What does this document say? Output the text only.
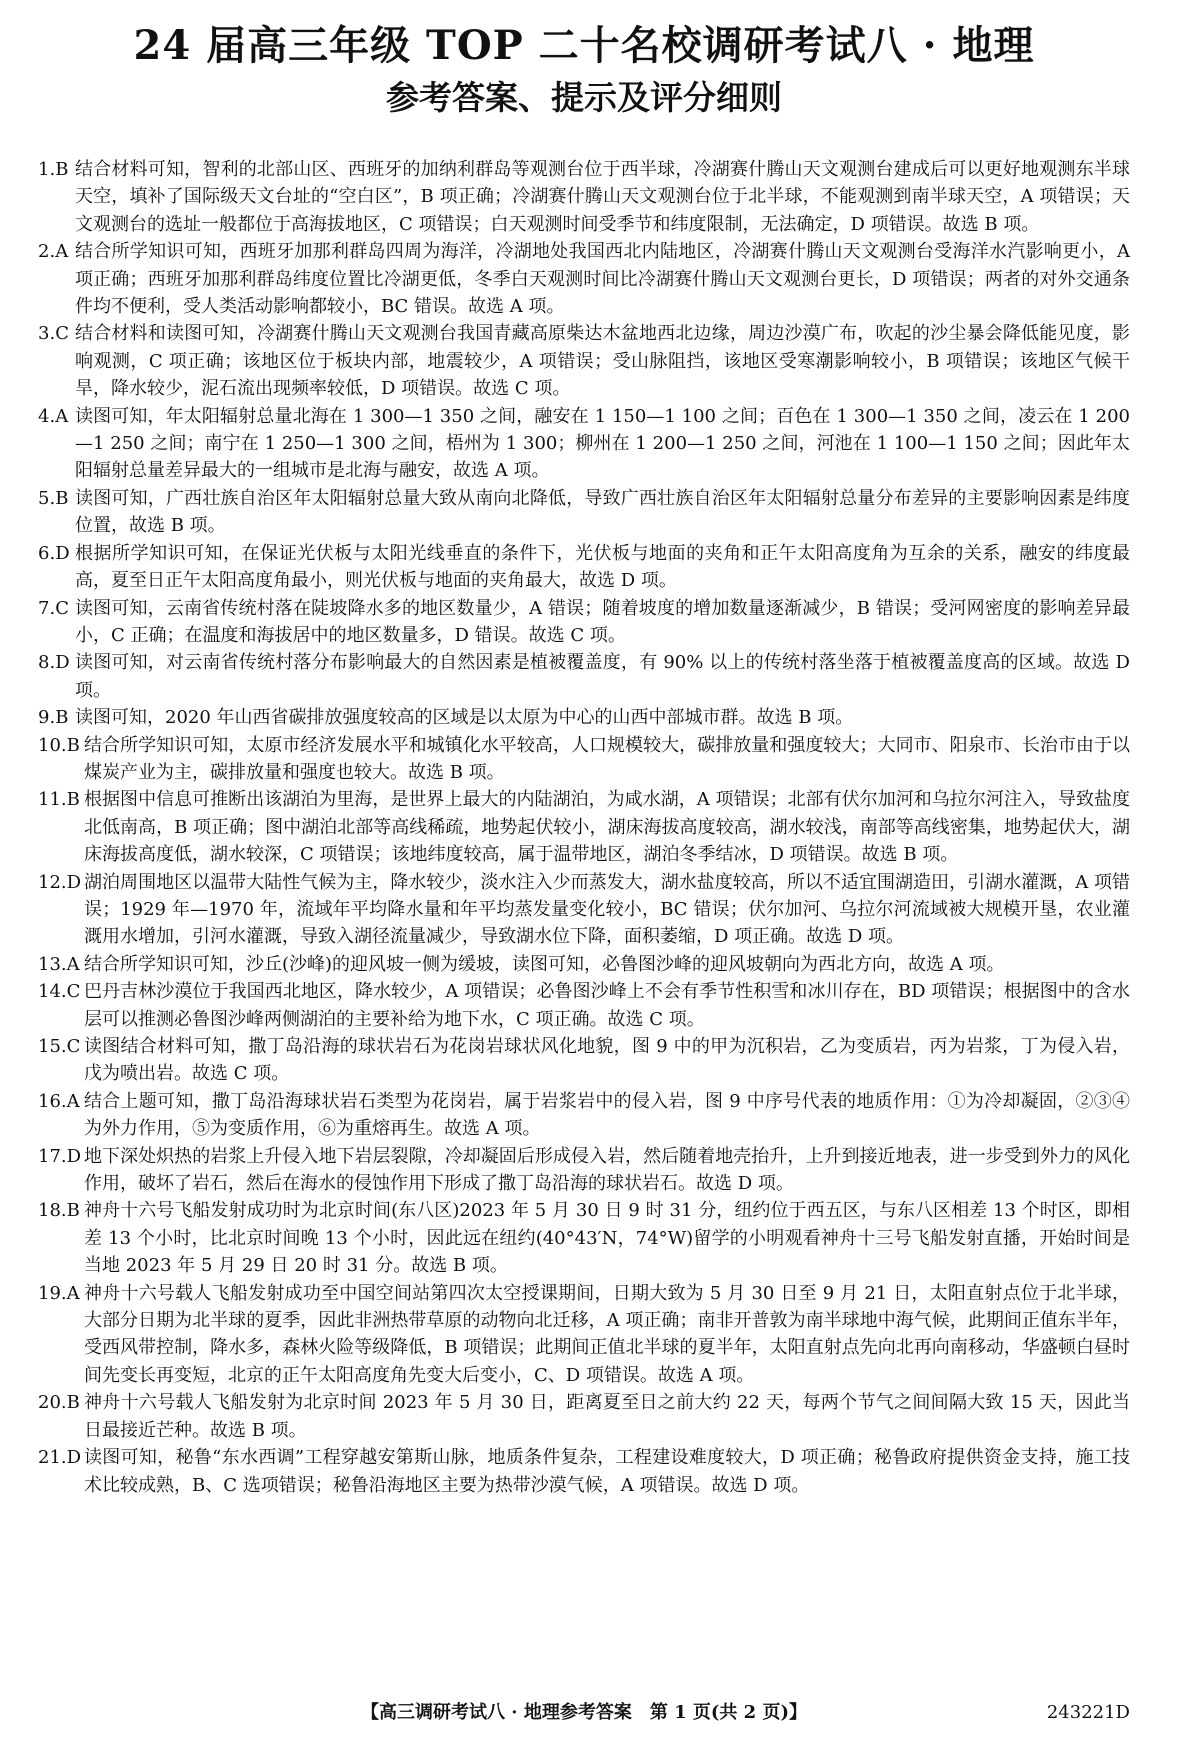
24 届高三年级 TOP 二十名校调研考试八 · 地理
参考答案、提示及评分细则
1.B 结合材料可知，智利的北部山区、西班牙的加纳利群岛等观测台位于西半球，冷湖赛什腾山天文观测台建成后可以更好地观测东半球天空，填补了国际级天文台址的“空白区”，B 项正确；冷湖赛什腾山天文观测台位于北半球，不能观测到南半球天空，A 项错误；天文观测台的选址一般都位于高海拔地区，C 项错误；白天观测时间受季节和纬度限制，无法确定，D 项错误。故选 B 项。
2.A 结合所学知识可知，西班牙加那利群岛四周为海洋，冷湖地处我国西北内陆地区，冷湖赛什腾山天文观测台受海洋水汽影响更小，A 项正确；西班牙加那利群岛纬度位置比冷湖更低，冬季白天观测时间比冷湖赛什腾山天文观测台更长，D 项错误；两者的对外交通条件均不便利，受人类活动影响都较小，BC 错误。故选 A 项。
3.C 结合材料和读图可知，冷湖赛什腾山天文观测台我国青藏高原柴达木盆地西北边缘，周边沙漠广布，吹起的沙尘暴会降低能见度，影响观测，C 项正确；该地区位于板块内部，地震较少，A 项错误；受山脉阻挡，该地区受寒潮影响较小，B 项错误；该地区气候干旱，降水较少，泥石流出现频率较低，D 项错误。故选 C 项。
4.A 读图可知，年太阳辐射总量北海在 1 300—1 350 之间，融安在 1 150—1 100 之间；百色在 1 300—1 350 之间，凌云在 1 200—1 250 之间；南宁在 1 250—1 300 之间，梧州为 1 300；柳州在 1 200—1 250 之间，河池在 1 100—1 150 之间；因此年太阳辐射总量差异最大的一组城市是北海与融安，故选 A 项。
5.B 读图可知，广西壮族自治区年太阳辐射总量大致从南向北降低，导致广西壮族自治区年太阳辐射总量分布差异的主要影响因素是纬度位置，故选 B 项。
6.D 根据所学知识可知，在保证光伏板与太阳光线垂直的条件下，光伏板与地面的夹角和正午太阳高度角为互余的关系，融安的纬度最高，夏至日正午太阳高度角最小，则光伏板与地面的夹角最大，故选 D 项。
7.C 读图可知，云南省传统村落在陡坡降水多的地区数量少，A 错误；随着坡度的增加数量逐渐减少，B 错误；受河网密度的影响差异最小，C 正确；在温度和海拔居中的地区数量多，D 错误。故选 C 项。
8.D 读图可知，对云南省传统村落分布影响最大的自然因素是植被覆盖度，有 90% 以上的传统村落坐落于植被覆盖度高的区域。故选 D 项。
9.B 读图可知，2020 年山西省碳排放强度较高的区域是以太原为中心的山西中部城市群。故选 B 项。
10.B 结合所学知识可知，太原市经济发展水平和城镇化水平较高，人口规模较大，碳排放量和强度较大；大同市、阳泉市、长治市由于以煤炭产业为主，碳排放量和强度也较大。故选 B 项。
11.B 根据图中信息可推断出该湖泊为里海，是世界上最大的内陆湖泊，为咸水湖，A 项错误；北部有伏尔加河和乌拉尔河注入，导致盐度北低南高，B 项正确；图中湖泊北部等高线稀疏，地势起伏较小，湖床海拔高度较高，湖水较浅，南部等高线密集，地势起伏大，湖床海拔高度低，湖水较深，C 项错误；该地纬度较高，属于温带地区，湖泊冬季结冰，D 项错误。故选 B 项。
12.D 湖泊周围地区以温带大陆性气候为主，降水较少，淡水注入少而蒸发大，湖水盐度较高，所以不适宜围湖造田，引湖水灌溉，A 项错误；1929 年—1970 年，流域年平均降水量和年平均蒸发量变化较小，BC 错误；伏尔加河、乌拉尔河流域被大规模开垦，农业灌溉用水增加，引河水灌溉，导致入湖径流量减少，导致湖水位下降，面积萎缩，D 项正确。故选 D 项。
13.A 结合所学知识可知，沙丘(沙峰)的迎风坡一侧为缓坡，读图可知，必鲁图沙峰的迎风坡朝向为西北方向，故选 A 项。
14.C 巴丹吉林沙漠位于我国西北地区，降水较少，A 项错误；必鲁图沙峰上不会有季节性积雪和冰川存在，BD 项错误；根据图中的含水层可以推测必鲁图沙峰两侧湖泊的主要补给为地下水，C 项正确。故选 C 项。
15.C 读图结合材料可知，撒丁岛沿海的球状岩石为花岗岩球状风化地貌，图 9 中的甲为沉积岩，乙为变质岩，丙为岩浆，丁为侵入岩，戊为喷出岩。故选 C 项。
16.A 结合上题可知，撒丁岛沿海球状岩石类型为花岗岩，属于岩浆岩中的侵入岩，图 9 中序号代表的地质作用：①为冷却凝固，②③④为外力作用，⑤为变质作用，⑥为重熔再生。故选 A 项。
17.D 地下深处炽热的岩浆上升侵入地下岩层裂隙，冷却凝固后形成侵入岩，然后随着地壳抬升，上升到接近地表，进一步受到外力的风化作用，破坏了岩石，然后在海水的侵蚀作用下形成了撒丁岛沿海的球状岩石。故选 D 项。
18.B 神舟十六号飞船发射成功时为北京时间(东八区)2023 年 5 月 30 日 9 时 31 分，纽约位于西五区，与东八区相差 13 个时区，即相差 13 个小时，比北京时间晚 13 个小时，因此远在纽约(40°43′N，74°W)留学的小明观看神舟十三号飞船发射直播，开始时间是当地 2023 年 5 月 29 日 20 时 31 分。故选 B 项。
19.A 神舟十六号载人飞船发射成功至中国空间站第四次太空授课期间，日期大致为 5 月 30 日至 9 月 21 日，太阳直射点位于北半球，大部分日期为北半球的夏季，因此非洲热带草原的动物向北迁移，A 项正确；南非开普敦为南半球地中海气候，此期间正值东半年，受西风带控制，降水多，森林火险等级降低，B 项错误；此期间正值北半球的夏半年，太阳直射点先向北再向南移动，华盛顿白昼时间先变长再变短，北京的正午太阳高度角先变大后变小，C、D 项错误。故选 A 项。
20.B 神舟十六号载人飞船发射为北京时间 2023 年 5 月 30 日，距离夏至日之前大约 22 天，每两个节气之间间隔大致 15 天，因此当日最接近芒种。故选 B 项。
21.D 读图可知，秘鲁“东水西调”工程穿越安第斯山脉，地质条件复杂，工程建设难度较大，D 项正确；秘鲁政府提供资金支持，施工技术比较成熟，B、C 选项错误；秘鲁沿海地区主要为热带沙漠气候，A 项错误。故选 D 项。
【高三调研考试八 · 地理参考答案　第 1 页(共 2 页)】	243221D
